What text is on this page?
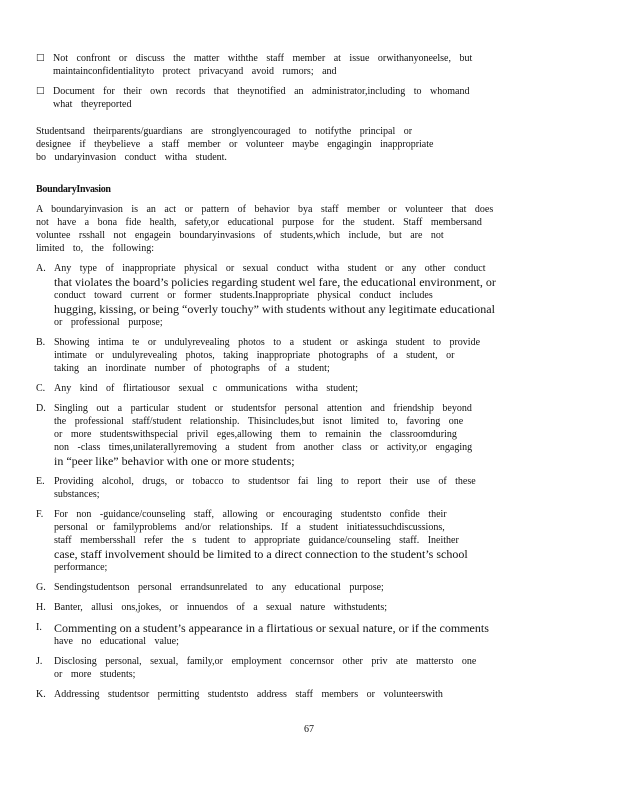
□ Not confront or discuss the matter withthe staff member at issue orwithanyoneelse, but
maintainconfidentialityto protect privacyand avoid rumors; and
□ Document for their own records that theynotified an administrator,including to whomand
what theyreported
Studentsand theirparents/guardians are stronglyencouraged to notifythe principal or
designee if theybelieve a staff member or volunteer maybe engagingin inappropriate
bo undaryinvasion conduct witha student.
BoundaryInvasion
A boundaryinvasion is an act or pattern of behavior bya staff member or volunteer that does
not have a bona fide health, safety,or educational purpose for the student. Staff membersand
voluntee rsshall not engagein boundaryinvasions of students,which include, but are not
limited to, the following:
A. Any type of inappropriate physical or sexual conduct witha student or any other conduct
that violates the board’s policies regarding student wel fare, the educational environment, or
conduct toward current or former students.Inappropriate physical conduct includes
hugging, kissing, or being “overly touchy” with students without any legitimate educational
or professional purpose;
B. Showing intima te or undulyrevealing photos to a student or askinga student to provide
intimate or undulyrevealing photos, taking inappropriate photographs of a student, or
taking an inordinate number of photographs of a student;
C. Any kind of flirtatiousor sexual c ommunications witha student;
D. Singling out a particular student or studentsfor personal attention and friendship beyond
the professional staff/student relationship. Thisincludes,but isnot limited to, favoring one
or more studentswithspecial privil eges,allowing them to remainin the classroomduring
non -class times,unilaterallyremoving a student from another class or activity,or engaging
in “peer like” behavior with one or more students;
E. Providing alcohol, drugs, or tobacco to studentsor fai ling to report their use of these
substances;
F.	For non -guidance/counseling staff, allowing or encouraging studentsto confide their
personal or familyproblems and/or relationships. If a student initiatessuchdiscussions,
staff membersshall refer the s tudent to appropriate guidance/counseling staff. Ineither
case, staff involvement should be limited to a direct connection to the student’s school
performance;
G. Sendingstudentson personal errandsunrelated to any educational purpose;
H. Banter, allusi ons,jokes, or innuendos of a sexual nature withstudents;
I.	Commenting on a student’s appearance in a flirtatious or sexual nature, or if the comments
have no educational value;
J.	Disclosing personal, sexual, family,or employment concernsor other priv ate mattersto one
or more students;
K. Addressing studentsor permitting studentsto address staff members or volunteerswith
67
